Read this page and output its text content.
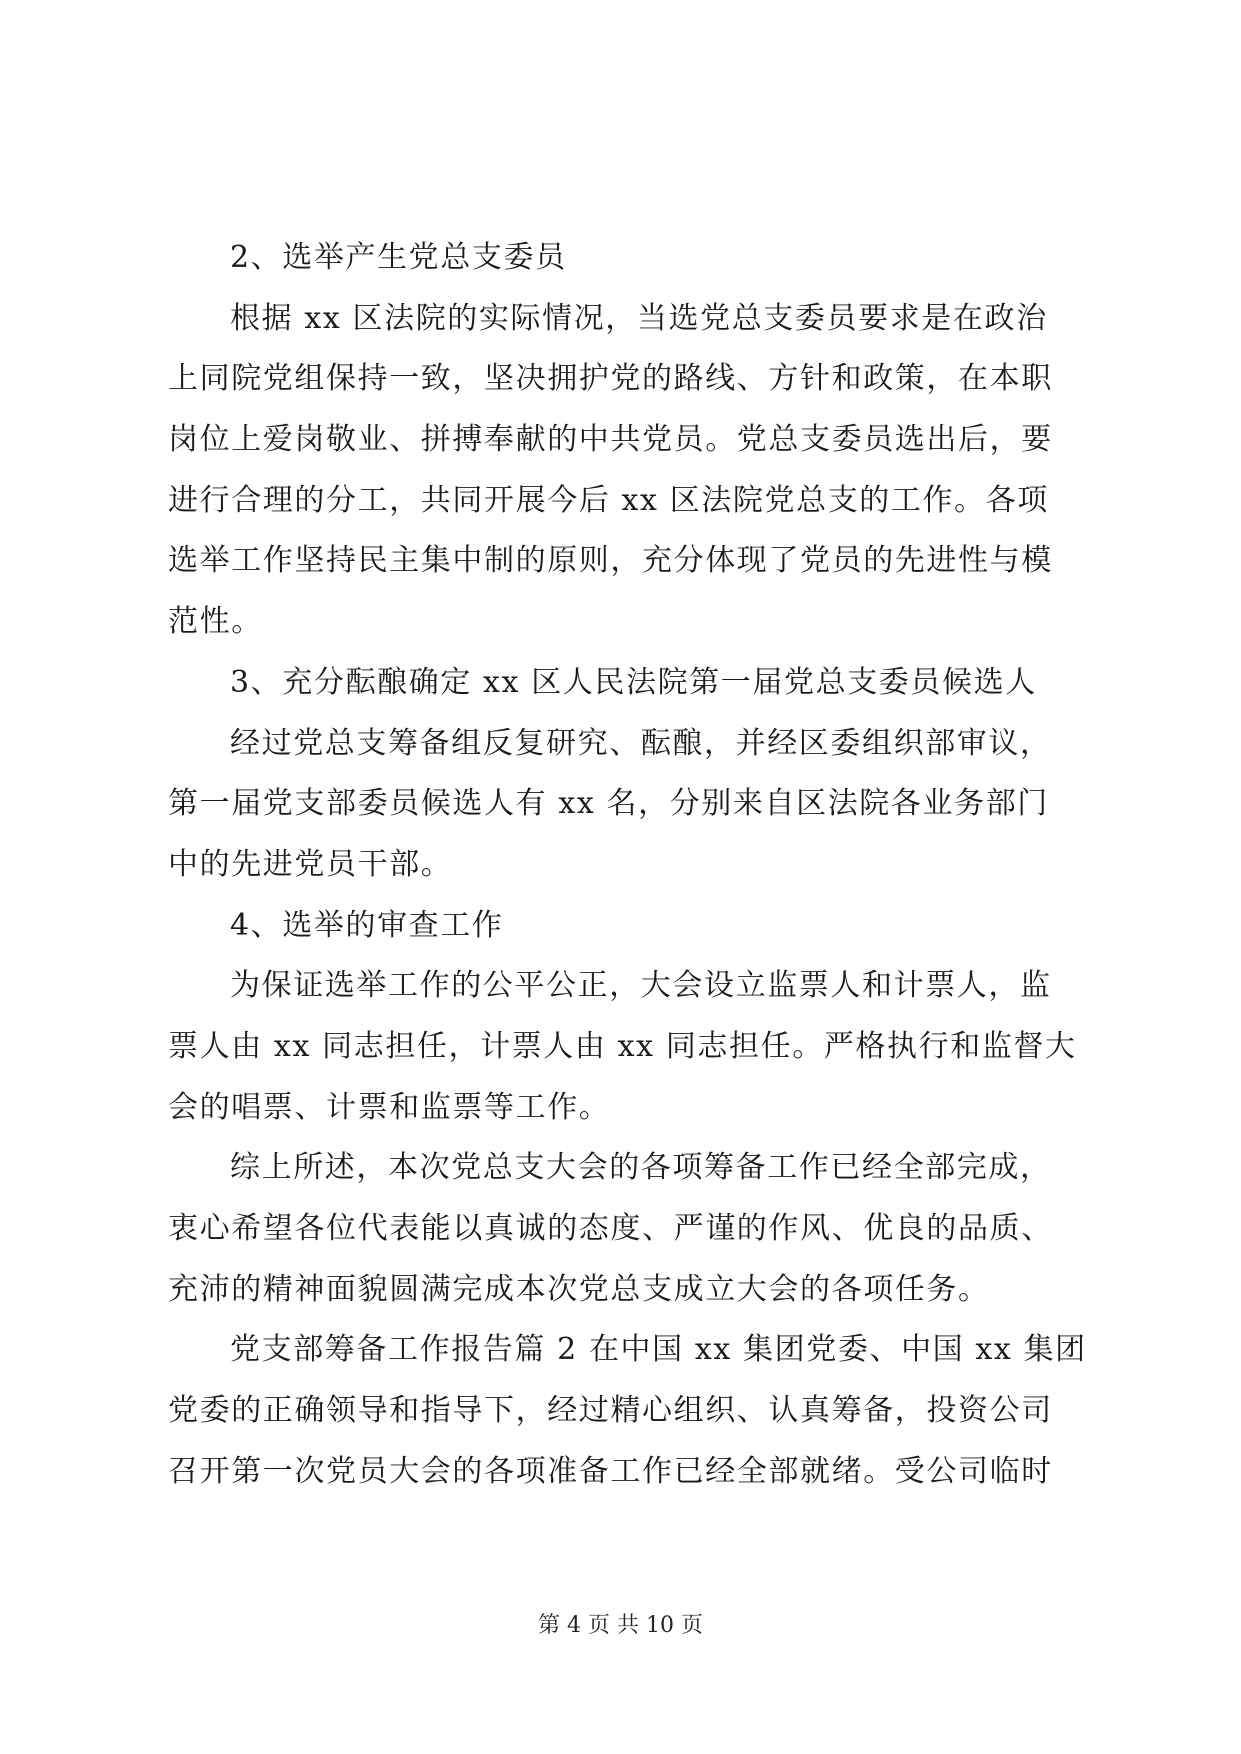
2、选举产生党总支委员
根据 xx 区法院的实际情况，当选党总支委员要求是在政治
上同院党组保持一致，坚决拥护党的路线、方针和政策，在本职
岗位上爱岗敬业、拼搏奉献的中共党员。党总支委员选出后，要
进行合理的分工，共同开展今后 xx 区法院党总支的工作。各项
选举工作坚持民主集中制的原则，充分体现了党员的先进性与模
范性。
3、充分酝酿确定 xx 区人民法院第一届党总支委员候选人
经过党总支筹备组反复研究、酝酿，并经区委组织部审议，
第一届党支部委员候选人有 xx 名，分别来自区法院各业务部门
中的先进党员干部。
4、选举的审查工作
为保证选举工作的公平公正，大会设立监票人和计票人，监
票人由 xx 同志担任，计票人由 xx 同志担任。严格执行和监督大
会的唱票、计票和监票等工作。
综上所述，本次党总支大会的各项筹备工作已经全部完成，
衷心希望各位代表能以真诚的态度、严谨的作风、优良的品质、
充沛的精神面貌圆满完成本次党总支成立大会的各项任务。
党支部筹备工作报告篇 2 在中国 xx 集团党委、中国 xx 集团
党委的正确领导和指导下，经过精心组织、认真筹备，投资公司
召开第一次党员大会的各项准备工作已经全部就绪。受公司临时
第 4 页 共 10 页
